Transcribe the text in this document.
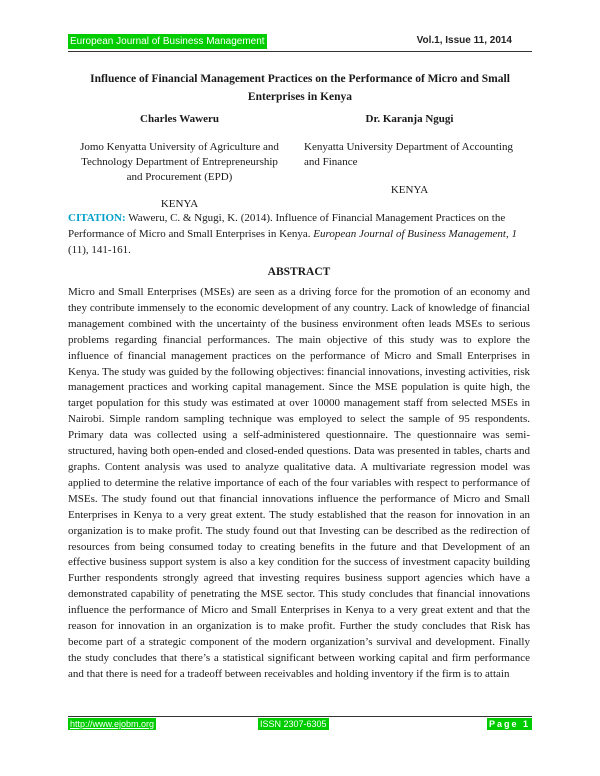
European Journal of Business Management	Vol.1, Issue 11, 2014
Influence of Financial Management Practices on the Performance of Micro and Small Enterprises in Kenya
Charles Waweru
Jomo Kenyatta University of Agriculture and Technology Department of Entrepreneurship and Procurement (EPD)
KENYA
Dr. Karanja Ngugi
Kenyatta University Department of Accounting and Finance
KENYA
CITATION: Waweru, C. & Ngugi, K. (2014). Influence of Financial Management Practices on the Performance of Micro and Small Enterprises in Kenya. European Journal of Business Management, 1 (11), 141-161.
ABSTRACT

Micro and Small Enterprises (MSEs) are seen as a driving force for the promotion of an economy and they contribute immensely to the economic development of any country. Lack of knowledge of financial management combined with the uncertainty of the business environment often leads MSEs to serious problems regarding financial performances. The main objective of this study was to explore the influence of financial management practices on the performance of Micro and Small Enterprises in Kenya. The study was guided by the following objectives: financial innovations, investing activities, risk management practices and working capital management. Since the MSE population is quite high, the target population for this study was estimated at over 10000 management staff from selected MSEs in Nairobi. Simple random sampling technique was employed to select the sample of 95 respondents. Primary data was collected using a self-administered questionnaire. The questionnaire was semi-structured, having both open-ended and closed-ended questions. Data was presented in tables, charts and graphs. Content analysis was used to analyze qualitative data. A multivariate regression model was applied to determine the relative importance of each of the four variables with respect to performance of MSEs. The study found out that financial innovations influence the performance of Micro and Small Enterprises in Kenya to a very great extent. The study established that the reason for innovation in an organization is to make profit. The study found out that Investing can be described as the redirection of resources from being consumed today to creating benefits in the future and that Development of an effective business support system is also a key condition for the success of investment capacity building Further respondents strongly agreed that investing requires business support agencies which have a demonstrated capability of penetrating the MSE sector. This study concludes that financial innovations influence the performance of Micro and Small Enterprises in Kenya to a very great extent and that the reason for innovation in an organization is to make profit. Further the study concludes that Risk has become part of a strategic component of the modern organization’s survival and development. Finally the study concludes that there’s a statistical significant between working capital and firm performance and that there is need for a tradeoff between receivables and holding inventory if the firm is to attain

http://www.ejobm.org	ISSN 2307-6305	Page 1
